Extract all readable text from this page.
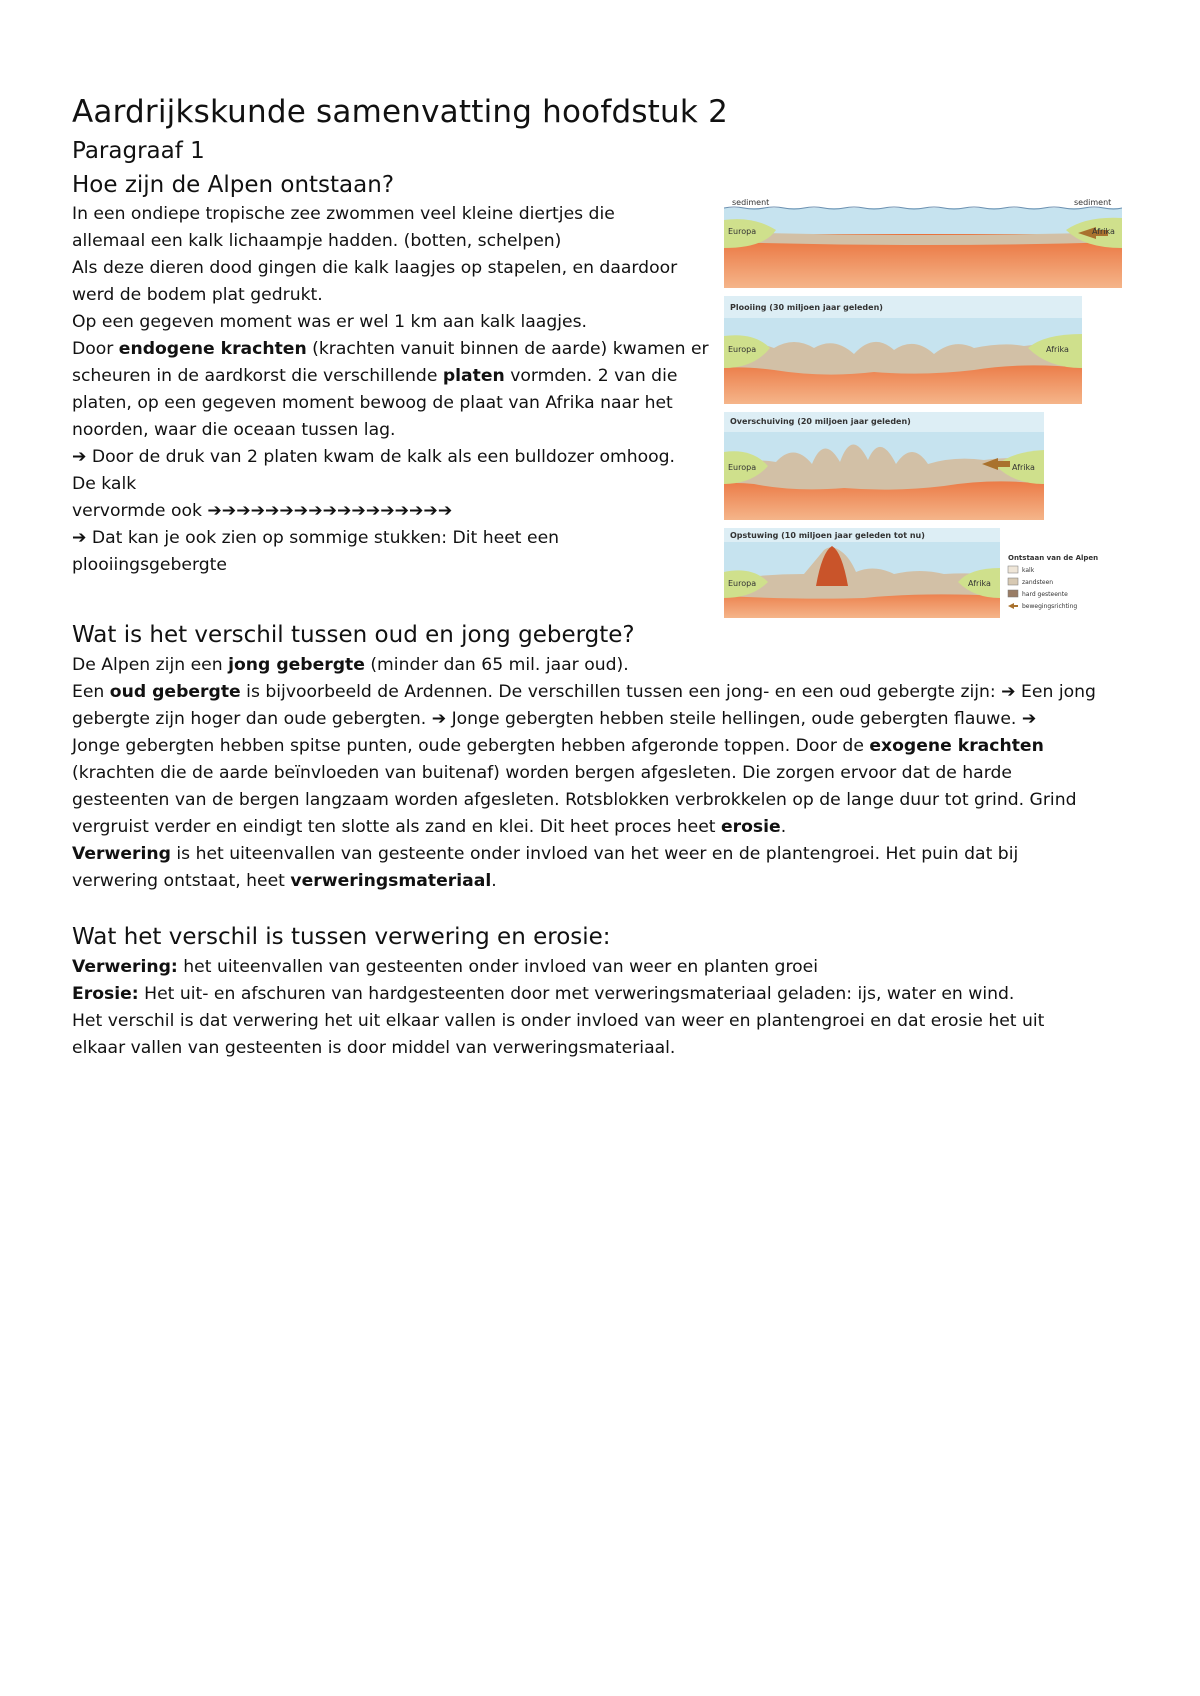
Aardrijkskunde samenvatting hoofdstuk 2
Paragraaf 1
Hoe zijn de Alpen ontstaan?
In een ondiepe tropische zee zwommen veel kleine diertjes die
allemaal een kalk lichaampje hadden. (botten, schelpen)
Als deze dieren dood gingen die kalk laagjes op stapelen, en daardoor
werd de bodem plat gedrukt.
Op een gegeven moment was er wel 1 km aan kalk laagjes.
Door endogene krachten (krachten vanuit binnen de aarde) kwamen er
scheuren in de aardkorst die verschillende platen vormden. 2 van die
platen, op een gegeven moment bewoog de plaat van Afrika naar het
noorden, waar die oceaan tussen lag.
➔ Door de druk van 2 platen kwam de kalk als een bulldozer omhoog.
De kalk
vervormde ook ➔➔➔➔➔➔➔➔➔➔➔➔➔➔➔➔➔
➔ Dat kan je ook zien op sommige stukken: Dit heet een
plooiingsgebergte
sediment	sediment
Europa	Afrika
Plooiing (30 miljoen jaar geleden)
Europa	Afrika
Overschuiving (20 miljoen jaar geleden)
Europa	Afrika
Opstuwing (10 miljoen jaar geleden tot nu)
Europa	Afrika
Ontstaan van de Alpen
kalk
zandsteen
hard gesteente
bewegingsrichting
Wat is het verschil tussen oud en jong gebergte?
De Alpen zijn een jong gebergte (minder dan 65 mil. jaar oud).
Een oud gebergte is bijvoorbeeld de Ardennen. De verschillen tussen een jong- en een oud gebergte zijn: ➔ Een jong
gebergte zijn hoger dan oude gebergten. ➔ Jonge gebergten hebben steile hellingen, oude gebergten flauwe. ➔
Jonge gebergten hebben spitse punten, oude gebergten hebben afgeronde toppen. Door de exogene krachten
(krachten die de aarde beïnvloeden van buitenaf) worden bergen afgesleten. Die zorgen ervoor dat de harde
gesteenten van de bergen langzaam worden afgesleten. Rotsblokken verbrokkelen op de lange duur tot grind. Grind
vergruist verder en eindigt ten slotte als zand en klei. Dit heet proces heet erosie.
Verwering is het uiteenvallen van gesteente onder invloed van het weer en de plantengroei. Het puin dat bij
verwering ontstaat, heet verweringsmateriaal.
Wat het verschil is tussen verwering en erosie:
Verwering: het uiteenvallen van gesteenten onder invloed van weer en planten groei
Erosie: Het uit- en afschuren van hardgesteenten door met verweringsmateriaal geladen: ijs, water en wind.
Het verschil is dat verwering het uit elkaar vallen is onder invloed van weer en plantengroei en dat erosie het uit
elkaar vallen van gesteenten is door middel van verweringsmateriaal.
